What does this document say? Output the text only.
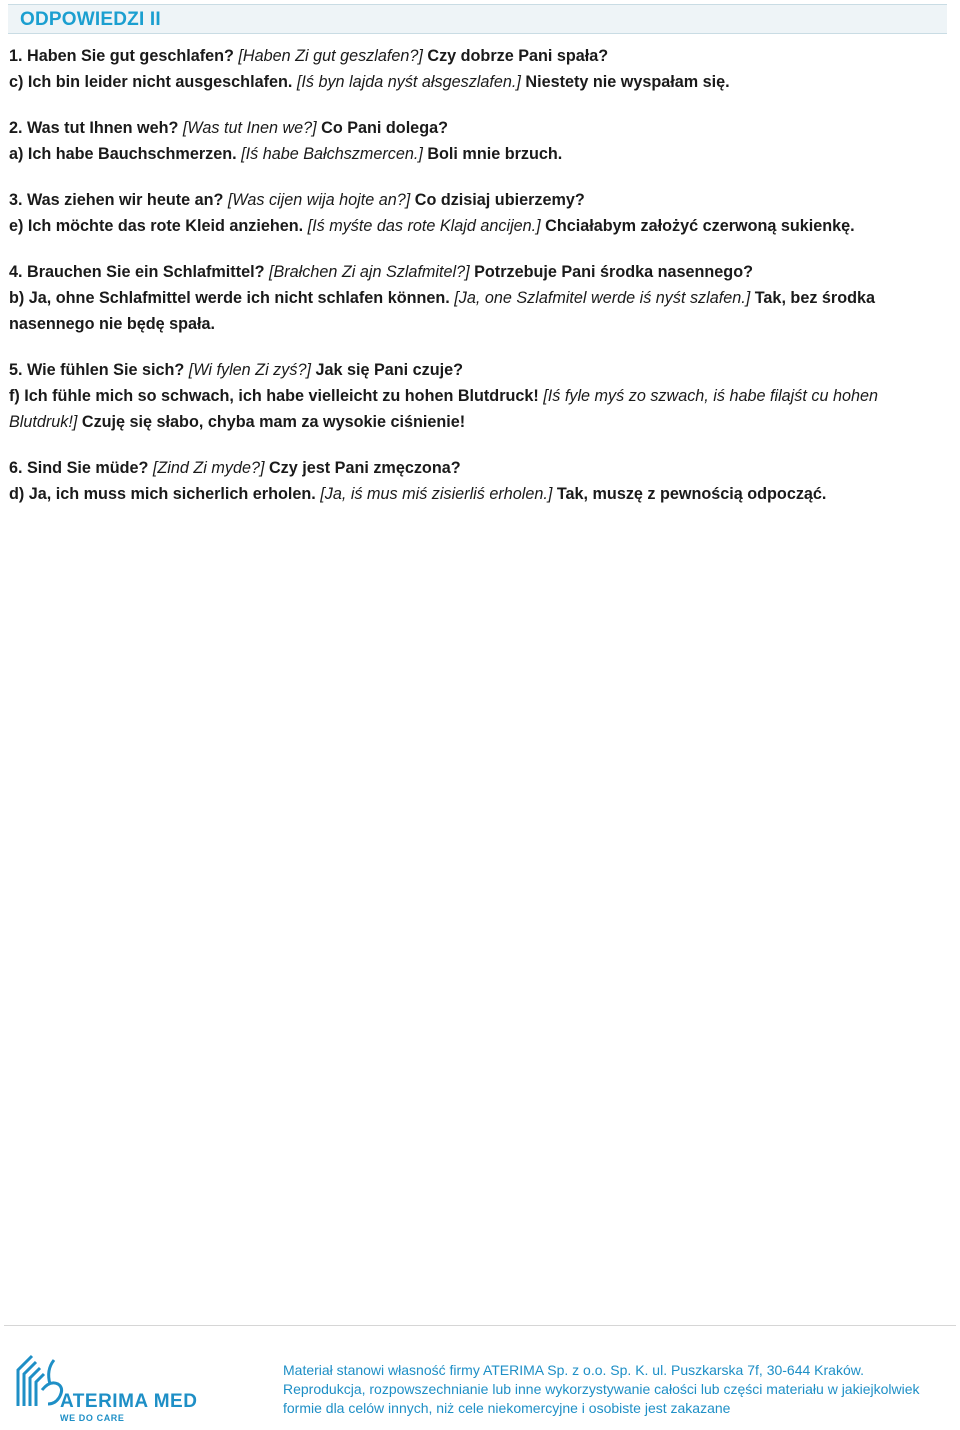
ODPOWIEDZI II

1. Haben Sie gut geschlafen? [Haben Zi gut geszlafen?] Czy dobrze Pani spała?

c) Ich bin leider nicht ausgeschlafen. [Iś byn lajda nyśt ałsgeszlafen.] Niestety nie wyspałam się.

2. Was tut Ihnen weh? [Was tut Inen we?] Co Pani dolega?

a) Ich habe Bauchschmerzen. [Iś habe Bałchszmercen.] Boli mnie brzuch.

3. Was ziehen wir heute an? [Was cijen wija hojte an?] Co dzisiaj ubierzemy?

e) Ich möchte das rote Kleid anziehen. [Iś myśte das rote Klajd ancijen.] Chciałabym założyć czerwoną sukienkę.

4. Brauchen Sie ein Schlafmittel? [Brałchen Zi ajn Szlafmitel?] Potrzebuje Pani środka nasennego?

b) Ja, ohne Schlafmittel werde ich nicht schlafen können. [Ja, one Szlafmitel werde iś nyśt szlafen.] Tak, bez środka

nasennego nie będę spała.

5. Wie fühlen Sie sich? [Wi fylen Zi zyś?] Jak się Pani czuje?

f) Ich fühle mich so schwach, ich habe vielleicht zu hohen Blutdruck! [Iś fyle myś zo szwach, iś habe filajśt cu hohen

Blutdruk!] Czuję się słabo, chyba mam za wysokie ciśnienie!

6. Sind Sie müde? [Zind Zi myde?] Czy jest Pani zmęczona?

d) Ja, ich muss mich sicherlich erholen. [Ja, iś mus miś zisierliś erholen.] Tak, muszę z pewnością odpocząć.

ATERIMA MED
WE DO CARE

Materiał stanowi własność firmy ATERIMA Sp. z o.o. Sp. K. ul. Puszkarska 7f, 30-644 Kraków.

Reprodukcja, rozpowszechnianie lub inne wykorzystywanie całości lub części materiału w jakiejkolwiek

formie dla celów innych, niż cele niekomercyjne i osobiste jest zakazane
